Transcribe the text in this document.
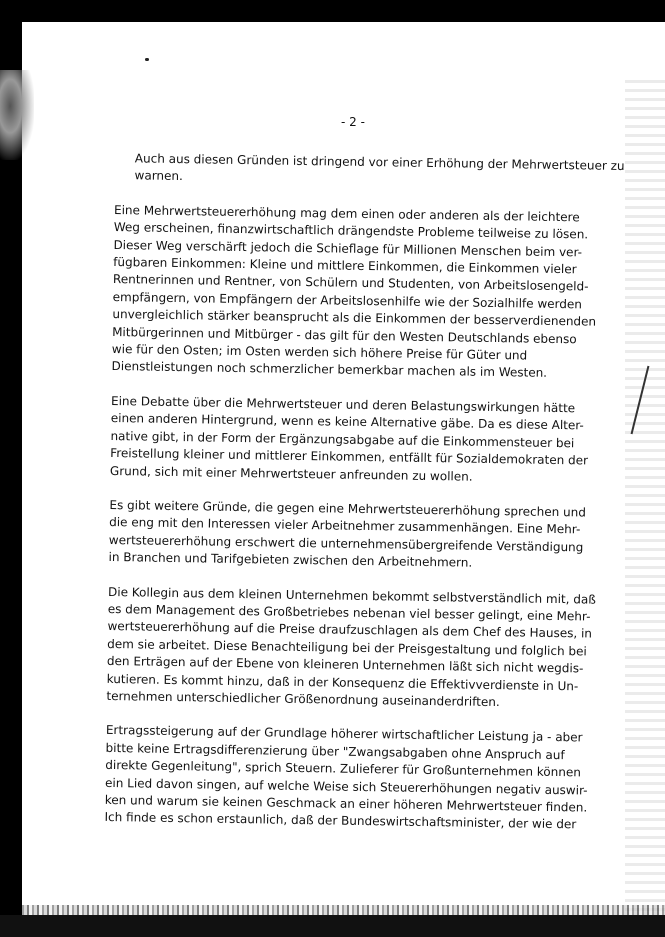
- 2 -
Auch aus diesen Gründen ist dringend vor einer Erhöhung der Mehrwertsteuer zu
warnen.
Eine Mehrwertsteuererhöhung mag dem einen oder anderen als der leichtere
Weg erscheinen, finanzwirtschaftlich drängendste Probleme teilweise zu lösen.
Dieser Weg verschärft jedoch die Schieflage für Millionen Menschen beim ver-
fügbaren Einkommen: Kleine und mittlere Einkommen, die Einkommen vieler
Rentnerinnen und Rentner, von Schülern und Studenten, von Arbeitslosengeld-
empfängern, von Empfängern der Arbeitslosenhilfe wie der Sozialhilfe werden
unvergleichlich stärker beansprucht als die Einkommen der besserverdienenden
Mitbürgerinnen und Mitbürger - das gilt für den Westen Deutschlands ebenso
wie für den Osten; im Osten werden sich höhere Preise für Güter und
Dienstleistungen noch schmerzlicher bemerkbar machen als im Westen.
Eine Debatte über die Mehrwertsteuer und deren Belastungswirkungen hätte
einen anderen Hintergrund, wenn es keine Alternative gäbe. Da es diese Alter-
native gibt, in der Form der Ergänzungsabgabe auf die Einkommensteuer bei
Freistellung kleiner und mittlerer Einkommen, entfällt für Sozialdemokraten der
Grund, sich mit einer Mehrwertsteuer anfreunden zu wollen.
Es gibt weitere Gründe, die gegen eine Mehrwertsteuererhöhung sprechen und
die eng mit den Interessen vieler Arbeitnehmer zusammenhängen. Eine Mehr-
wertsteuererhöhung erschwert die unternehmensübergreifende Verständigung
in Branchen und Tarifgebieten zwischen den Arbeitnehmern.
Die Kollegin aus dem kleinen Unternehmen bekommt selbstverständlich mit, daß
es dem Management des Großbetriebes nebenan viel besser gelingt, eine Mehr-
wertsteuererhöhung auf die Preise draufzuschlagen als dem Chef des Hauses, in
dem sie arbeitet. Diese Benachteiligung bei der Preisgestaltung und folglich bei
den Erträgen auf der Ebene von kleineren Unternehmen läßt sich nicht wegdis-
kutieren. Es kommt hinzu, daß in der Konsequenz die Effektivverdienste in Un-
ternehmen unterschiedlicher Größenordnung auseinanderdriften.
Ertragssteigerung auf der Grundlage höherer wirtschaftlicher Leistung ja - aber
bitte keine Ertragsdifferenzierung über "Zwangsabgaben ohne Anspruch auf
direkte Gegenleitung", sprich Steuern. Zulieferer für Großunternehmen können
ein Lied davon singen, auf welche Weise sich Steuererhöhungen negativ auswir-
ken und warum sie keinen Geschmack an einer höheren Mehrwertsteuer finden.
Ich finde es schon erstaunlich, daß der Bundeswirtschaftsminister, der wie der
